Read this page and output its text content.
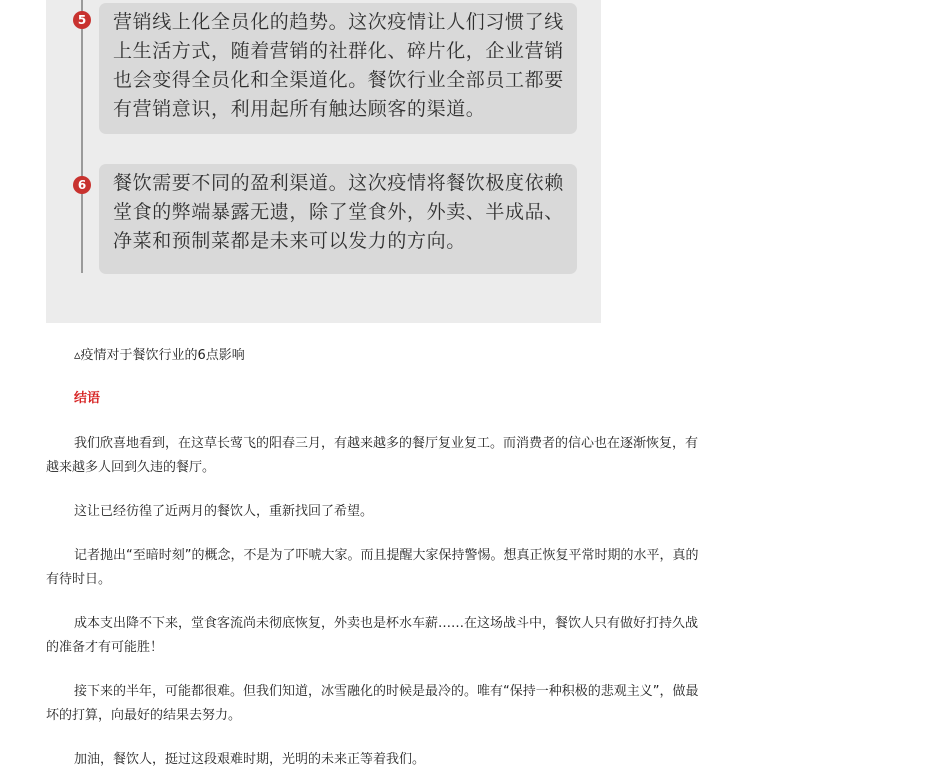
5	营销线上化全员化的趋势。这次疫情让人们习惯了线上生活方式，随着营销的社群化、碎片化，企业营销也会变得全员化和全渠道化。餐饮行业全部员工都要有营销意识，利用起所有触达顾客的渠道。
6	餐饮需要不同的盈利渠道。这次疫情将餐饮极度依赖堂食的弊端暴露无遗，除了堂食外，外卖、半成品、净菜和预制菜都是未来可以发力的方向。
▵疫情对于餐饮行业的6点影响
结语

我们欣喜地看到，在这草长莺飞的阳春三月，有越来越多的餐厅复业复工。而消费者的信心也在逐渐恢复，有越来越多人回到久违的餐厅。

这让已经彷徨了近两月的餐饮人，重新找回了希望。

记者抛出“至暗时刻”的概念，不是为了吓唬大家。而且提醒大家保持警惕。想真正恢复平常时期的水平，真的有待时日。

成本支出降不下来，堂食客流尚未彻底恢复，外卖也是杯水车薪……在这场战斗中，餐饮人只有做好打持久战的准备才有可能胜！

接下来的半年，可能都很难。但我们知道，冰雪融化的时候是最冷的。唯有“保持一种积极的悲观主义”，做最坏的打算，向最好的结果去努力。

加油，餐饮人，挺过这段艰难时期，光明的未来正等着我们。
